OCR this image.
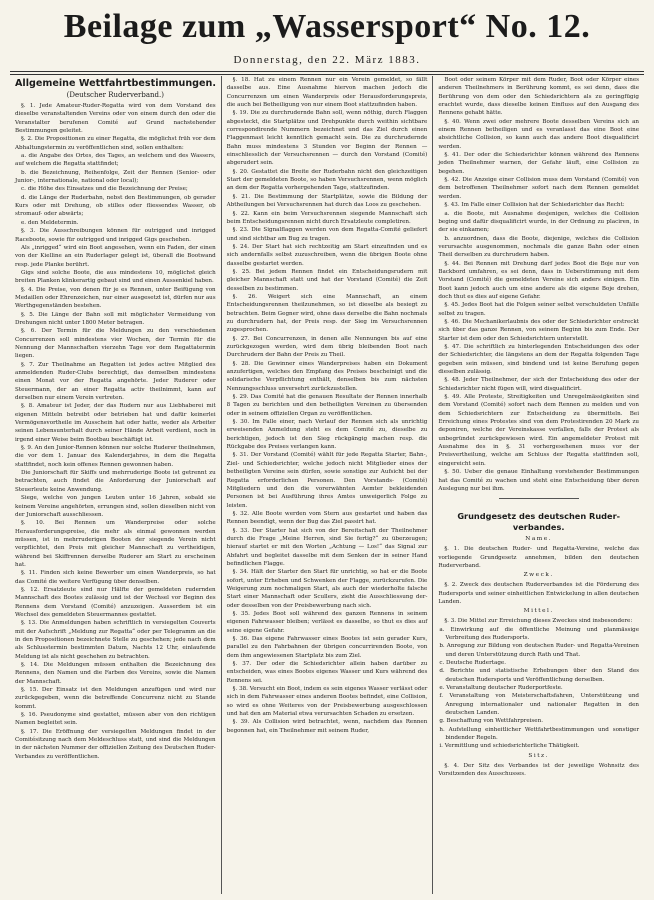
Beilage zum „Wassersport“ No. 12.
Donnerstag, den 22. März 1883.
Allgemeine Wettfahrtbestimmungen.
(Deutscher Ruderverband.)

§. 1. Jede Amateur-Ruder-Regatta wird von dem Vorstand des dieselbe veranstaltenden Vereins oder von einem durch den oder die Veranstalter berufenen Comité auf Grund nachstehender Bestimmungen geleitet.

§. 2. Die Propositionen zu einer Regatta, die möglichst früh vor dem Abhaltungstermin zu veröffentlichen sind, sollen enthalten:

a. die Angabe des Ortes, des Tages, an welchem und des Wassers, auf welchem die Regatta stattfindet;

b. die Bezeichnung, Reihenfolge, Zeit der Rennen (Senior- oder Junior-, internationale, national oder local);

c. die Höhe des Einsatzes und die Bezeichnung der Preise;

d. die Länge der Ruderbahn, nebst den Bestimmungen, ob gerader Kurs oder mit Drehung, ob stilles oder fliessendes Wasser, ob stromauf- oder abwärts;

e. den Meldetermin.

§. 3. Die Ausschreibungen können für outrigged und inrigged Raceboote, sowie für outrigged und inrigged Gigs geschehen.

Als „inrigged“ wird ein Boot angesehen, wenn ein Faden, der einen von der Kielline an ein Ruderlager gelegt ist, überall die Bootwand resp. jede Planke berührt.

Gigs sind solche Boote, die aus mindestens 10, möglichst gleich breiten Planken klinkerartig gebaut sind und einen Aussenkiel haben.

§. 4. Die Preise, von denen für je es Rennen, unter Beifügung von Medaillen oder Ehrenzeichen, nur einer ausgesetzt ist, dürfen nur aus Werthgegenständen bestehen.

§. 5. Die Länge der Bahn soll mit möglichster Vermeidung von Drehungen nicht unter 1800 Meter betragen.

§. 6. Der Termin für die Meldungen zu den verschiedenen Concurrenzen soll mindestens vier Wochen, der Termin für die Nennung der Mannschaften vierzehn Tage vor dem Regattatermin liegen.

§. 7. Zur Theilnahme an Regatten ist jedes active Mitglied des anmeldenden Ruder-Clubs berechtigt, das demselben mindestens einen Monat vor der Regatta angehörte. Jeder Ruderer oder Steuermann, der an einer Regatta activ theilnimmt, kann auf derselben nur einem Verein vertreten.

§. 8. Amateur ist Jeder, der das Rudern nur aus Liebhaberei mit eigenen Mitteln betreibt oder betrieben hat und dafür keinerlei Vermögensvortheile im Ausschein hat oder hatte, weder als Arbeiter seinen Lebensunterhalt durch seiner Hände Arbeit verdient, noch in irgend einer Weise beim Bootbau beschäftigt ist.

§. 9. An den Junior-Rennen können nur solche Ruderer theilnehmen, die vor dem 1. Januar des Kalenderjahres, in dem die Regatta stattfindet, noch kein offenes Rennen gewonnen haben.

Die Juniorschaft für Skiffs und mehrruderige Boote ist getrennt zu betrachten, auch findet die Anforderung der Juniorschaft auf Steuerleute keine Anwendung.

Siege, welche von jungen Leuten unter 16 Jahren, sobald sie keinem Vereine angehörten, errungen sind, sollen dieselben nicht von der Juniorschaft ausschliessen.

§. 10. Bei Rennen um Wanderpreise oder solche Herausforderungspreise, die mehr als einmal gewonnen werden müssen, ist in mehrruderigen Booten der siegende Verein nicht verpflichtet, den Preis mit gleicher Mannschaft zu vertheidigen, während bei Skiffrennen derselbe Ruderer am Start zu erscheinen hat.

§. 11. Finden sich keine Bewerber um einen Wanderpreis, so hat das Comité die weitere Verfügung über denselben.

§. 12. Ersatzleute sind nur Hälfte der gemeldeten rudernden Mannschaft des Bootes zulässig und ist der Wechsel vor Beginn des Rennens dem Vorstand (Comité) anzuzeigen. Ausserdem ist ein Wechsel des gemeldeten Steuermannes gestattet.

§. 13. Die Anmeldungen haben schriftlich in versiegelten Couverts mit der Aufschrift „Meldung zur Regatta“ oder per Telegramm an die in den Propositionen bezeichnete Stelle zu geschehen; jede nach dem als Schlusstermin bestimmten Datum, Nachts 12 Uhr, einlaufende Meldung ist als nicht geschehen zu betrachten.

§. 14. Die Meldungen müssen enthalten die Bezeichnung des Rennens, den Namen und die Farben des Vereins, sowie die Namen der Mannschaft.

§. 15. Der Einsatz ist den Meldungen anzufügen und wird nur zurückgegeben, wenn die betreffende Concurrenz nicht zu Stande kommt.

§. 16. Pseudonyme sind gestattet, müssen aber von den richtigen Namen begleitet sein.

§. 17. Die Eröffnung der versiegelten Meldungen findet in der Comitésitzung nach dem Meldeschluss statt, und sind die Meldungen in der nächsten Nummer der offiziellen Zeitung des Deutschen Ruder-Verbandes zu veröffentlichen.

§. 18. Hat zu einem Rennen nur ein Verein gemeldet, so fällt dasselbe aus. Eine Ausnahme hiervon machen jedoch die Concurrenzen um einen Wanderpreis oder Herausforderungspreis, die auch bei Betheiligung von nur einem Boot stattzufinden haben.

§. 19. Die zu durchrudernde Bahn soll, wenn nöthig, durch Flaggen abgesteckt, die Startplätze und Drehpunkte durch weithin sichtbare correspondirende Nummern bezeichnet und das Ziel durch einen Flaggenmast leicht kenntlich gemacht sein. Die zu durchrudernde Bahn muss mindestens 3 Stunden vor Beginn der Rennen — einschliesslich der Versuchsrennen — durch den Vorstand (Comité) abgerudert sein.

§. 20. Gestattet die Breite der Ruderbahn nicht den gleichzeitigen Start der gemeldeten Boote, so haben Versuchsrennen, wenn möglich an dem der Regatta vorhergehenden Tage, stattzufinden.

§. 21. Die Bestimmung der Startplätze, sowie die Bildung der Abtheilungen bei Versuchsrennen hat durch das Loos zu geschehen.

§. 22. Kann ein beim Versuchsrennen siegende Mannschaft sich beim Entscheidungsrennen nicht durch Ersatzleute completiren.

§. 23. Die Signalflaggen werden von dem Regatta-Comité geliefert und sind sichtbar am Bug zu tragen.

§. 24. Der Start hat sich rechtzeitig am Start einzufinden und es sich andernfalls selbst zuzuschreiben, wenn die übrigen Boote ohne dasselbe gestartet werden.

§. 25. Bei jedem Rennen findet ein Entscheidungsrudern mit gleicher Mannschaft statt und hat der Vorstand (Comité) die Zeit desselben zu bestimmen.

§. 26. Weigert sich eine Mannschaft, an einem Entscheidungsrennen theilzunehmen, so ist dieselbe als besiegt zu betrachten. Beim Gegner wird, ohne dass derselbe die Bahn nochmals zu durchrudern hat, der Preis resp. der Sieg im Versuchsrennen zugesprochen.

§. 27. Bei Concurrenzen, in denen alle Nennungen bis auf eine zurückgezogen werden, wird dem übrig bleibenden Boot nach Durchrudern der Bahn der Preis zu Theil.

§. 28. Die Gewinner eines Wanderpreises haben ein Dokument anzufertigen, welches den Empfang des Preises bescheinigt und die solidarische Verpflichtung enthält, denselben bis zum nächsten Nennungsschluss unversehrt zurückzustellen.

§. 29. Das Comité hat die genauen Resultate der Rennen innerhalb 8 Tagen zu berichten und den betheiligten Vereinen zu übersenden oder in seinem offiziellen Organ zu veröffentlichen.

§. 30. Im Falle einer, nach Verlauf der Rennen sich als unrichtig erweisenden Anmeldung steht es dem Comité zu, dieselbe zu berichtigen, jedoch ist den Sieg rückgängig machen resp. die Rückgabe des Preises verlangen kann.

§. 31. Der Vorstand (Comité) wählt für jede Regatta Starter, Bahn-, Ziel- und Schiedsrichter, welche jedoch nicht Mitglieder eines der betheiligten Vereine sein dürfen, sowie sonstige zur Aufsicht bei der Regatta erforderlichen Personen. Den Vorstands- (Comité) Mitgliedern und den die vorerwähnten Aemter bekleidenden Personen ist bei Ausführung ihres Amtes unweigerlich Folge zu leisten.

§. 32. Alle Boote werden vom Stern aus gestartet und haben das Rennen beendigt, wenn der Bug das Ziel passirt hat.

§. 33. Der Starter hat sich von der Bereitschaft der Theilnehmer durch die Frage „Meine Herren, sind Sie fertig?“ zu überzeugen; hierauf startet er mit den Worten „Achtung — Los!“ das Signal zur Abfahrt und begleitet dasselbe mit dem Senken der in seiner Hand befindlichen Flagge.

§. 34. Hält der Starter den Start für unrichtig, so hat er die Boote sofort, unter Erheben und Schwenken der Flagge, zurückzurufen. Die Weigerung zum nochmaligen Start, als auch der wiederholte falsche Start einer Mannschaft oder Scullers, zieht die Ausschliessung der- oder desselben von der Preisbewerbung nach sich.

§. 35. Jedes Boot soll während des ganzen Rennens in seinem eigenen Fahrwasser bleiben; verlässt es dasselbe, so thut es dies auf seine eigene Gefahr.

§. 36. Das eigene Fahrwasser eines Bootes ist sein gerader Kurs, parallel zu den Fahrbahnen der übrigen concurrirenden Boote, von dem ihm angewiesenen Startplatz bis zum Ziel.

§. 37. Der oder die Schiedsrichter allein haben darüber zu entscheiden, was eines Bootes eigenes Wasser und Kurs während des Rennens sei.

§. 38. Versucht ein Boot, indem es sein eigenes Wasser verlässt oder sich in dem Fahrwasser eines anderen Bootes befindet, eine Collision, so wird es ohne Weiteres von der Preisbewerbung ausgeschlossen und hat den am Material etwa verursachten Schaden zu ersetzen.

§. 39. Als Collision wird betrachtet, wenn, nachdem das Rennen begonnen hat, ein Theilnehmer mit seinem Ruder,

Boot oder seinem Körper mit dem Ruder, Boot oder Körper eines anderen Theilnehmers in Berührung kommt, es sei denn, dass die Berührung von dem oder den Schiedsrichtern als zu geringfügig erachtet wurde, dass dieselbe keinen Einfluss auf den Ausgang des Rennens gehabt hätte.

§. 40. Wenn zwei oder mehrere Boote desselben Vereins sich an einem Rennen betheiligen und es veranlasst das eine Boot eine absichtliche Collision, so kann auch das andere Boot disqualificirt werden.

§. 41. Der oder die Schiedsrichter können während des Rennens jeden Theilnehmer warnen, der Gefahr läuft, eine Collision zu begehen.

§. 42. Die Anzeige einer Collision muss dem Vorstand (Comité) von dem betroffenen Theilnehmer sofort nach dem Rennen gemeldet werden.

§. 43. Im Falle einer Collision hat der Schiedsrichter das Recht:

a. die Boote, mit Ausnahme desjenigen, welches die Collision beging und dafür disqualificirt wurde, in der Ordnung zu placiren, in der sie einkamen;

b. anzuordnen, dass die Boote, diejenige, welches die Collision verursachte ausgenommen, nochmals die ganze Bahn oder einen Theil derselben zu durchrudern haben.

§. 44. Bei Rennen mit Drehung darf jedes Boot die Boje nur von Backbord umfahren, es sei denn, dass in Ueberstimmung mit dem Vorstand (Comité) die gemeldeten Vereine sich anders einigen. Ein Boot kann jedoch auch um eine andere als die eigene Boje drehen, doch thut es dies auf eigene Gefahr.

§. 45. Jedes Boot hat die Folgen seiner selbst verschuldeten Unfälle selbst zu tragen.

§. 46. Die Mechanikerlaubnis des oder der Schiedsrichter erstreckt sich über das ganze Rennen, von seinem Beginn bis zum Ende. Der Starter ist dem oder den Schiedsrichtern unterstellt.

§. 47. Die schriftlich zu hinterlegenden Entscheidungen des oder der Schiedsrichter, die längstens an dem der Regatta folgenden Tage gegeben sein müssen, sind bindend und ist keine Berufung gegen dieselben zulässig.

§. 48. Jeder Theilnehmer, der sich der Entscheidung des oder der Schiedsrichter nicht fügen will, wird disqualificirt.

§. 49. Alle Proteste, Streitigkeiten und Unregelmässigkeiten sind dem Vorstand (Comité) sofort nach dem Rennen zu melden und von dem Schiedsrichtern zur Entscheidung zu übermitteln. Bei Erreichung eines Protestes sind von dem Protestirenden 20 Mark zu deponiren, welche der Vereinskasse verfallen, falls der Protest als unbegründet zurückgewiesen wird. Ein angemeldeter Protest mit Ausnahme des in §. 31 vorhergesehenen muss vor der Preisvertheilung, welche am Schluss der Regatta stattfinden soll, eingereicht sein.

§. 50. Ueber die genaue Einhaltung vorstehender Bestimmungen hat das Comité zu wachen und steht eine Entscheidung über deren Auslegung nur bei ihm.

Grundgesetz des deutschen Ruder-verbandes.
Name.

§. 1. Die deutschen Ruder- und Regatta-Vereine, welche das vorliegende Grundgesetz annehmen, bilden den deutschen Ruderverband.

Zweck.

§. 2. Zweck des deutschen Ruderverbandes ist die Förderung des Rudersports und seiner einheitlichen Entwickelung in allen deutschen Landen.

Mittel.

§. 3. Die Mittel zur Erreichung dieses Zweckes sind insbesondere:

a. Einwirkung auf die öffentliche Meinung und planmässige Verbreitung des Rudersports.
b. Anregung zur Bildung von deutschen Ruder- und Regatta-Vereinen und deren Unterstützung durch Rath und That.
c. Deutsche Rudertage.
d. Berichte und statistische Erhebungen über den Stand des deutschen Rudersports und Veröffentlichung derselben.
e. Veranstaltung deutscher Ruderportfeste.
f. Veranstaltung von Meisterschaftsfahren, Unterstützung und Anregung internationaler und nationaler Regatten in den deutschen Landen.
g. Beschaffung von Wettfahrpreisen.
h. Aufstellung einheitlicher Wettfahrtbestimmungen und sonstiger bindender Regeln.
i. Vermittlung und schiedsrichterliche Thätigkeit.
Sitz.

§. 4. Der Sitz des Verbandes ist der jeweilige Wohnsitz des Vorsitzenden des Ausschusses.
